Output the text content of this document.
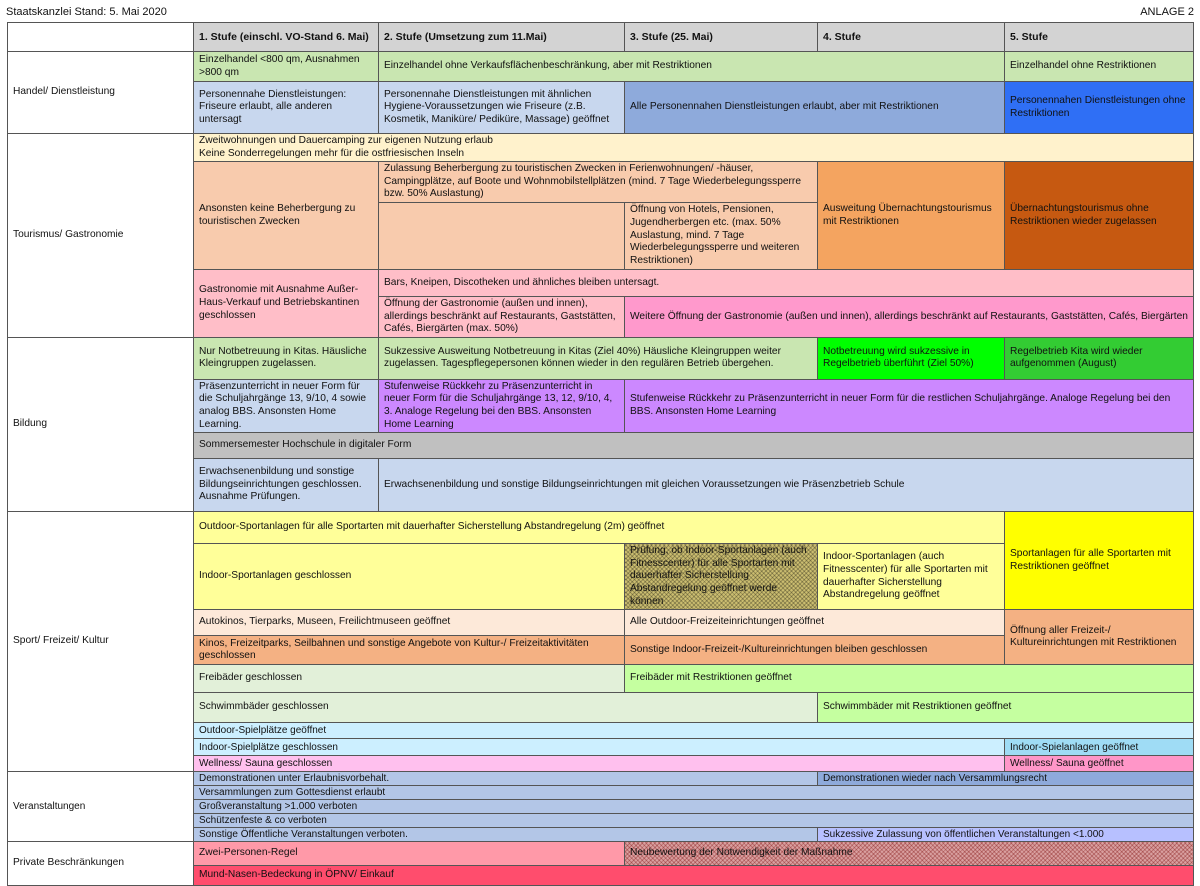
Staatskanzlei Stand: 5. Mai 2020	ANLAGE 2
	1. Stufe (einschl. VO-Stand 6. Mai)	2. Stufe (Umsetzung zum 11.Mai)	3. Stufe (25. Mai)	4. Stufe	5. Stufe
Handel/ Dienstleistung	Einzelhandel <800 qm, Ausnahmen >800 qm	Einzelhandel ohne Verkaufsflächenbeschränkung, aber mit Restriktionen			Einzelhandel ohne Restriktionen
	Personennahe Dienstleistungen: Friseure erlaubt, alle anderen untersagt	Personennahe Dienstleistungen mit ähnlichen Hygiene-Voraussetzungen wie Friseure (z.B. Kosmetik, Maniküre/ Pediküre, Massage) geöffnet	Alle Personennahen Dienstleistungen erlaubt, aber mit Restriktionen		Personennahen Dienstleistungen ohne Restriktionen
Tourismus/ Gastronomie	Zweitwohnungen und Dauercamping zur eigenen Nutzung erlaub
Keine Sonderregelungen mehr für die ostfriesischen Inseln				
	Ansonsten keine Beherbergung zu touristischen Zwecken	Zulassung Beherbergung zu touristischen Zwecken in Ferienwohnungen/ -häuser, Campingplätze, auf Boote und Wohnmobilstellplätzen (mind. 7 Tage Wiederbelegungssperre bzw. 50% Auslastung)		Ausweitung Übernachtungstourismus mit Restriktionen	Übernachtungstourismus ohne Restriktionen wieder zugelassen
			Öffnung von Hotels, Pensionen, Jugendherbergen etc. (max. 50% Auslastung, mind. 7 Tage Wiederbelegungssperre und weiteren Restriktionen)		
	Gastronomie mit Ausnahme Außer-Haus-Verkauf und Betriebskantinen geschlossen	Bars, Kneipen, Discotheken und ähnliches bleiben untersagt.			
		Öffnung der Gastronomie (außen und innen), allerdings beschränkt auf Restaurants, Gaststätten, Cafés, Biergärten (max. 50%)	Weitere Öffnung der Gastronomie (außen und innen), allerdings beschränkt auf Restaurants, Gaststätten, Cafés, Biergärten		

Bildung	Nur Notbetreuung in Kitas. Häusliche Kleingruppen zugelassen.	Sukzessive Ausweitung Notbetreuung in Kitas (Ziel 40%) Häusliche Kleingruppen weiter zugelassen. Tagespflegepersonen können wieder in den regulären Betrieb übergehen.		Notbetreuung wird sukzessive in Regelbetrieb überführt (Ziel 50%)	Regelbetrieb Kita wird wieder aufgenommen (August)
	Präsenzunterricht in neuer Form für die Schuljahrgänge 13, 9/10, 4 sowie analog BBS. Ansonsten Home Learning.	Stufenweise Rückkehr zu Präsenzunterricht in neuer Form für die Schuljahrgänge 13, 12, 9/10, 4, 3. Analoge Regelung bei den BBS. Ansonsten Home Learning	Stufenweise Rückkehr zu Präsenzunterricht in neuer Form für die restlichen Schuljahrgänge. Analoge Regelung bei den BBS. Ansonsten Home Learning		
	Sommersemester Hochschule in digitaler Form				
	Erwachsenenbildung und sonstige Bildungseinrichtungen geschlossen. Ausnahme Prüfungen.	Erwachsenenbildung und sonstige Bildungseinrichtungen mit gleichen Voraussetzungen wie Präsenzbetrieb Schule			
Sport/ Freizeit/ Kultur	Outdoor-Sportanlagen für alle Sportarten mit dauerhafter Sicherstellung Abstandregelung (2m) geöffnet				Sportanlagen für alle Sportarten mit Restriktionen geöffnet
	Indoor-Sportanlagen geschlossen		Prüfung, ob Indoor-Sportanlagen (auch Fitnesscenter) für alle Sportarten mit dauerhafter Sicherstellung Abstandregelung geöffnet werde können	Indoor-Sportanlagen (auch Fitnesscenter) für alle Sportarten mit dauerhafter Sicherstellung Abstandregelung geöffnet	
	Autokinos, Tierparks, Museen, Freilichtmuseen geöffnet		Alle Outdoor-Freizeiteinrichtungen geöffnet		Öffnung aller Freizeit-/ Kultureinrichtungen mit Restriktionen
	Kinos, Freizeitparks, Seilbahnen und sonstige Angebote von Kultur-/ Freizeitaktivitäten geschlossen		Sonstige Indoor-Freizeit-/Kultureinrichtungen bleiben geschlossen		
	Freibäder geschlossen		Freibäder mit Restriktionen geöffnet		
	Schwimmbäder geschlossen			Schwimmbäder mit Restriktionen geöffnet	
	Outdoor-Spielplätze geöffnet				
	Indoor-Spielplätze geschlossen				Indoor-Spielanlagen geöffnet
	Wellness/ Sauna geschlossen				Wellness/ Sauna geöffnet

Veranstaltungen	Demonstrationen unter Erlaubnisvorbehalt.			Demonstrationen wieder nach Versammlungsrecht	
	Versammlungen zum Gottesdienst erlaubt				
	Großveranstaltung >1.000 verboten				
	Schützenfeste & co verboten				
	Sonstige Öffentliche Veranstaltungen verboten.			Sukzessive Zulassung von öffentlichen Veranstaltungen <1.000	
Private Beschränkungen	Zwei-Personen-Regel		Neubewertung der Notwendigkeit der Maßnahme		
	Mund-Nasen-Bedeckung in ÖPNV/ Einkauf				
